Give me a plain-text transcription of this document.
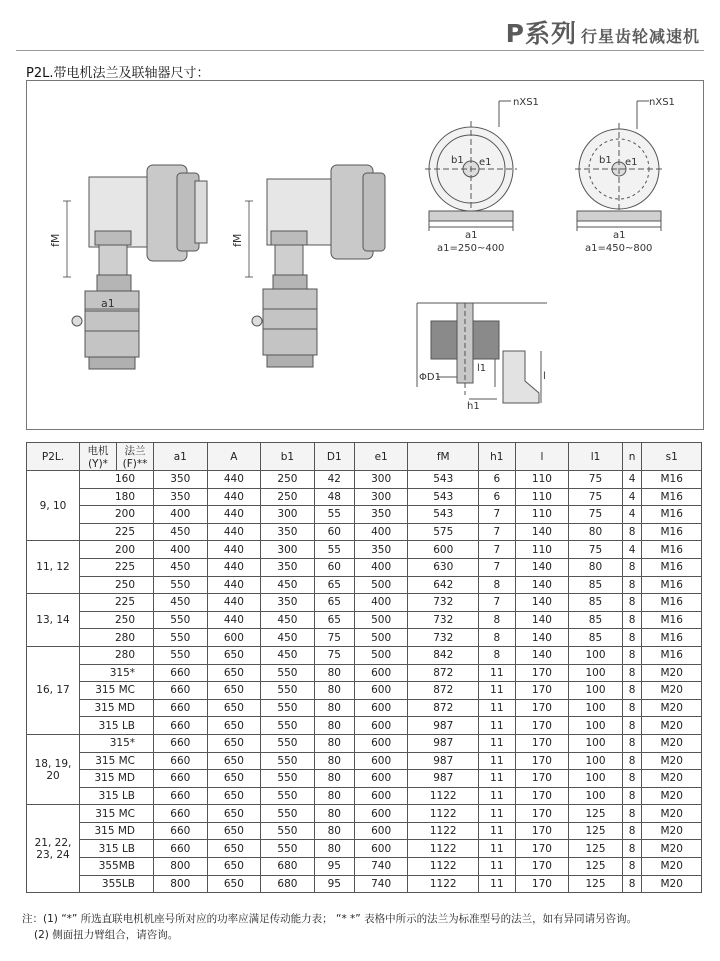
P系列 行星齿轮减速机
P2L.带电机法兰及联轴器尺寸：
fM
a1
fM
nXS1
b1 e1
a1
a1=250~400
nXS1
b1 e1
a1
a1=450~800
ΦD1
h1
l1
l
P2L.	电机
(Y)*	法兰
(F)**	a1	A	b1	D1	e1	fM	h1	l	l1	n	s1
9, 10	160		350	440	250	42	300	543	6	110	75	4	M16
	180		350	440	250	48	300	543	6	110	75	4	M16
	200		400	440	300	55	350	543	7	110	75	4	M16
	225		450	440	350	60	400	575	7	140	80	8	M16
11, 12	200		400	440	300	55	350	600	7	110	75	4	M16
	225		450	440	350	60	400	630	7	140	80	8	M16
	250		550	440	450	65	500	642	8	140	85	8	M16
13, 14	225		450	440	350	65	400	732	7	140	85	8	M16
	250		550	440	450	65	500	732	8	140	85	8	M16
	280		550	600	450	75	500	732	8	140	85	8	M16
16, 17	280		550	650	450	75	500	842	8	140	100	8	M16
	315*		660	650	550	80	600	872	11	170	100	8	M20
	315 MC		660	650	550	80	600	872	11	170	100	8	M20
	315 MD		660	650	550	80	600	872	11	170	100	8	M20
	315 LB		660	650	550	80	600	987	11	170	100	8	M20
18, 19,
20	315*		660	650	550	80	600	987	11	170	100	8	M20
	315 MC		660	650	550	80	600	987	11	170	100	8	M20
	315 MD		660	650	550	80	600	987	11	170	100	8	M20
	315 LB		660	650	550	80	600	1122	11	170	100	8	M20
21, 22,
23, 24	315 MC		660	650	550	80	600	1122	11	170	125	8	M20
	315 MD		660	650	550	80	600	1122	11	170	125	8	M20
	315 LB		660	650	550	80	600	1122	11	170	125	8	M20
	355MB		800	650	680	95	740	1122	11	170	125	8	M20
	355LB		800	650	680	95	740	1122	11	170	125	8	M20
注：(1) “*” 所选直联电机机座号所对应的功率应满足传动能力表； “* *” 表格中所示的法兰为标准型号的法兰，如有异同请另咨询。
(2) 侧面扭力臂组合，请咨询。
